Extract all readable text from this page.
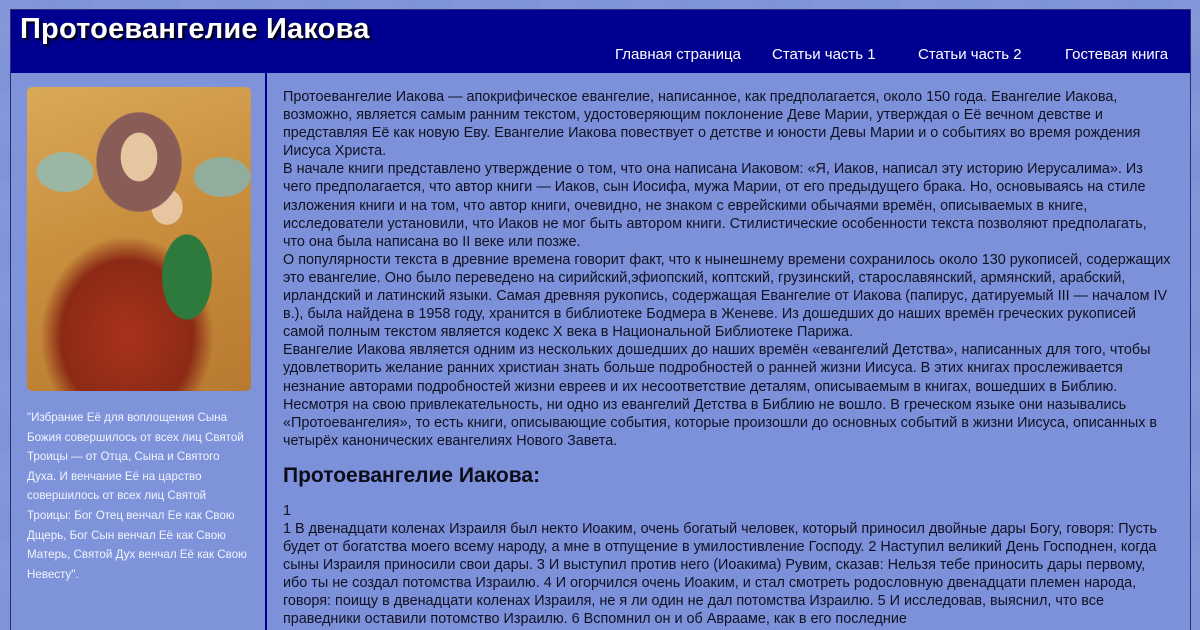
Протоевангелие Иакова
Главная страница Статьи часть 1	Статьи часть 2	Гостевая книга
"Избрание Её для воплощения Сына Божия совершилось от всех лиц Святой Троицы — от Отца, Сына и Святого Духа. И венчание Её на царство совершилось от всех лиц Святой Троицы: Бог Отец венчал Ее как Свою Дщерь, Бог Сын венчал Её как Свою Матерь, Святой Дух венчал Её как Свою Невесту".

Протоевангелие Иакова — апокрифическое евангелие, написанное, как предполагается, около 150 года. Евангелие Иакова, возможно, является самым ранним текстом, удостоверяющим поклонение Деве Марии, утверждая о Её вечном девстве и представляя Её как новую Еву. Евангелие Иакова повествует о детстве и юности Девы Марии и о событиях во время рождения Иисуса Христа.

В начале книги представлено утверждение о том, что она написана Иаковом: «Я, Иаков, написал эту историю Иерусалима». Из чего предполагается, что автор книги — Иаков, сын Иосифа, мужа Марии, от его предыдущего брака. Но, основываясь на стиле изложения книги и на том, что автор книги, очевидно, не знаком с еврейскими обычаями времён, описываемых в книге, исследователи установили, что Иаков не мог быть автором книги. Стилистические особенности текста позволяют предполагать, что она была написана во II веке или позже.

О популярности текста в древние времена говорит факт, что к нынешнему времени сохранилось около 130 рукописей, содержащих это евангелие. Оно было переведено на сирийский,эфиопский, коптский, грузинский, старославянский, армянский, арабский, ирландский и латинский языки. Самая древняя рукопись, содержащая Евангелие от Иакова (папирус, датируемый III — началом IV в.), была найдена в 1958 году, хранится в библиотеке Бодмера в Женеве. Из дошедших до наших времён греческих рукописей самой полным текстом является кодекс X века в Национальной Библиотеке Парижа.

Евангелие Иакова является одним из нескольких дошедших до наших времён «евангелий Детства», написанных для того, чтобы удовлетворить желание ранних христиан знать больше подробностей о ранней жизни Иисуса. В этих книгах прослеживается незнание авторами подробностей жизни евреев и их несоответствие деталям, описываемым в книгах, вошедших в Библию. Несмотря на свою привлекательность, ни одно из евангелий Детства в Библию не вошло. В греческом языке они назывались «Протоевангелия», то есть книги, описывающие события, которые произошли до основных событий в жизни Иисуса, описанных в четырёх канонических евангелиях Нового Завета.

Протоевангелие Иакова:
1
1 В двенадцати коленах Израиля был некто Иоаким, очень богатый человек, который приносил двойные дары Богу, говоря: Пусть будет от богатства моего всему народу, а мне в отпущение в умилостивление Господу. 2 Наступил великий День Господнен, когда сыны Израиля приносили свои дары. 3 И выступил против него (Иоакима) Рувим, сказав: Нельзя тебе приносить дары первому, ибо ты не создал потомства Израилю. 4 И огорчился очень Иоаким, и стал смотреть родословную двенадцати племен народа, говоря: поищу в двенадцати коленах Израиля, не я ли один не дал потомства Израилю. 5 И исследовав, выяснил, что все праведники оставили потомство Израилю. 6 Вспомнил он и об Аврааме, как в его последние
